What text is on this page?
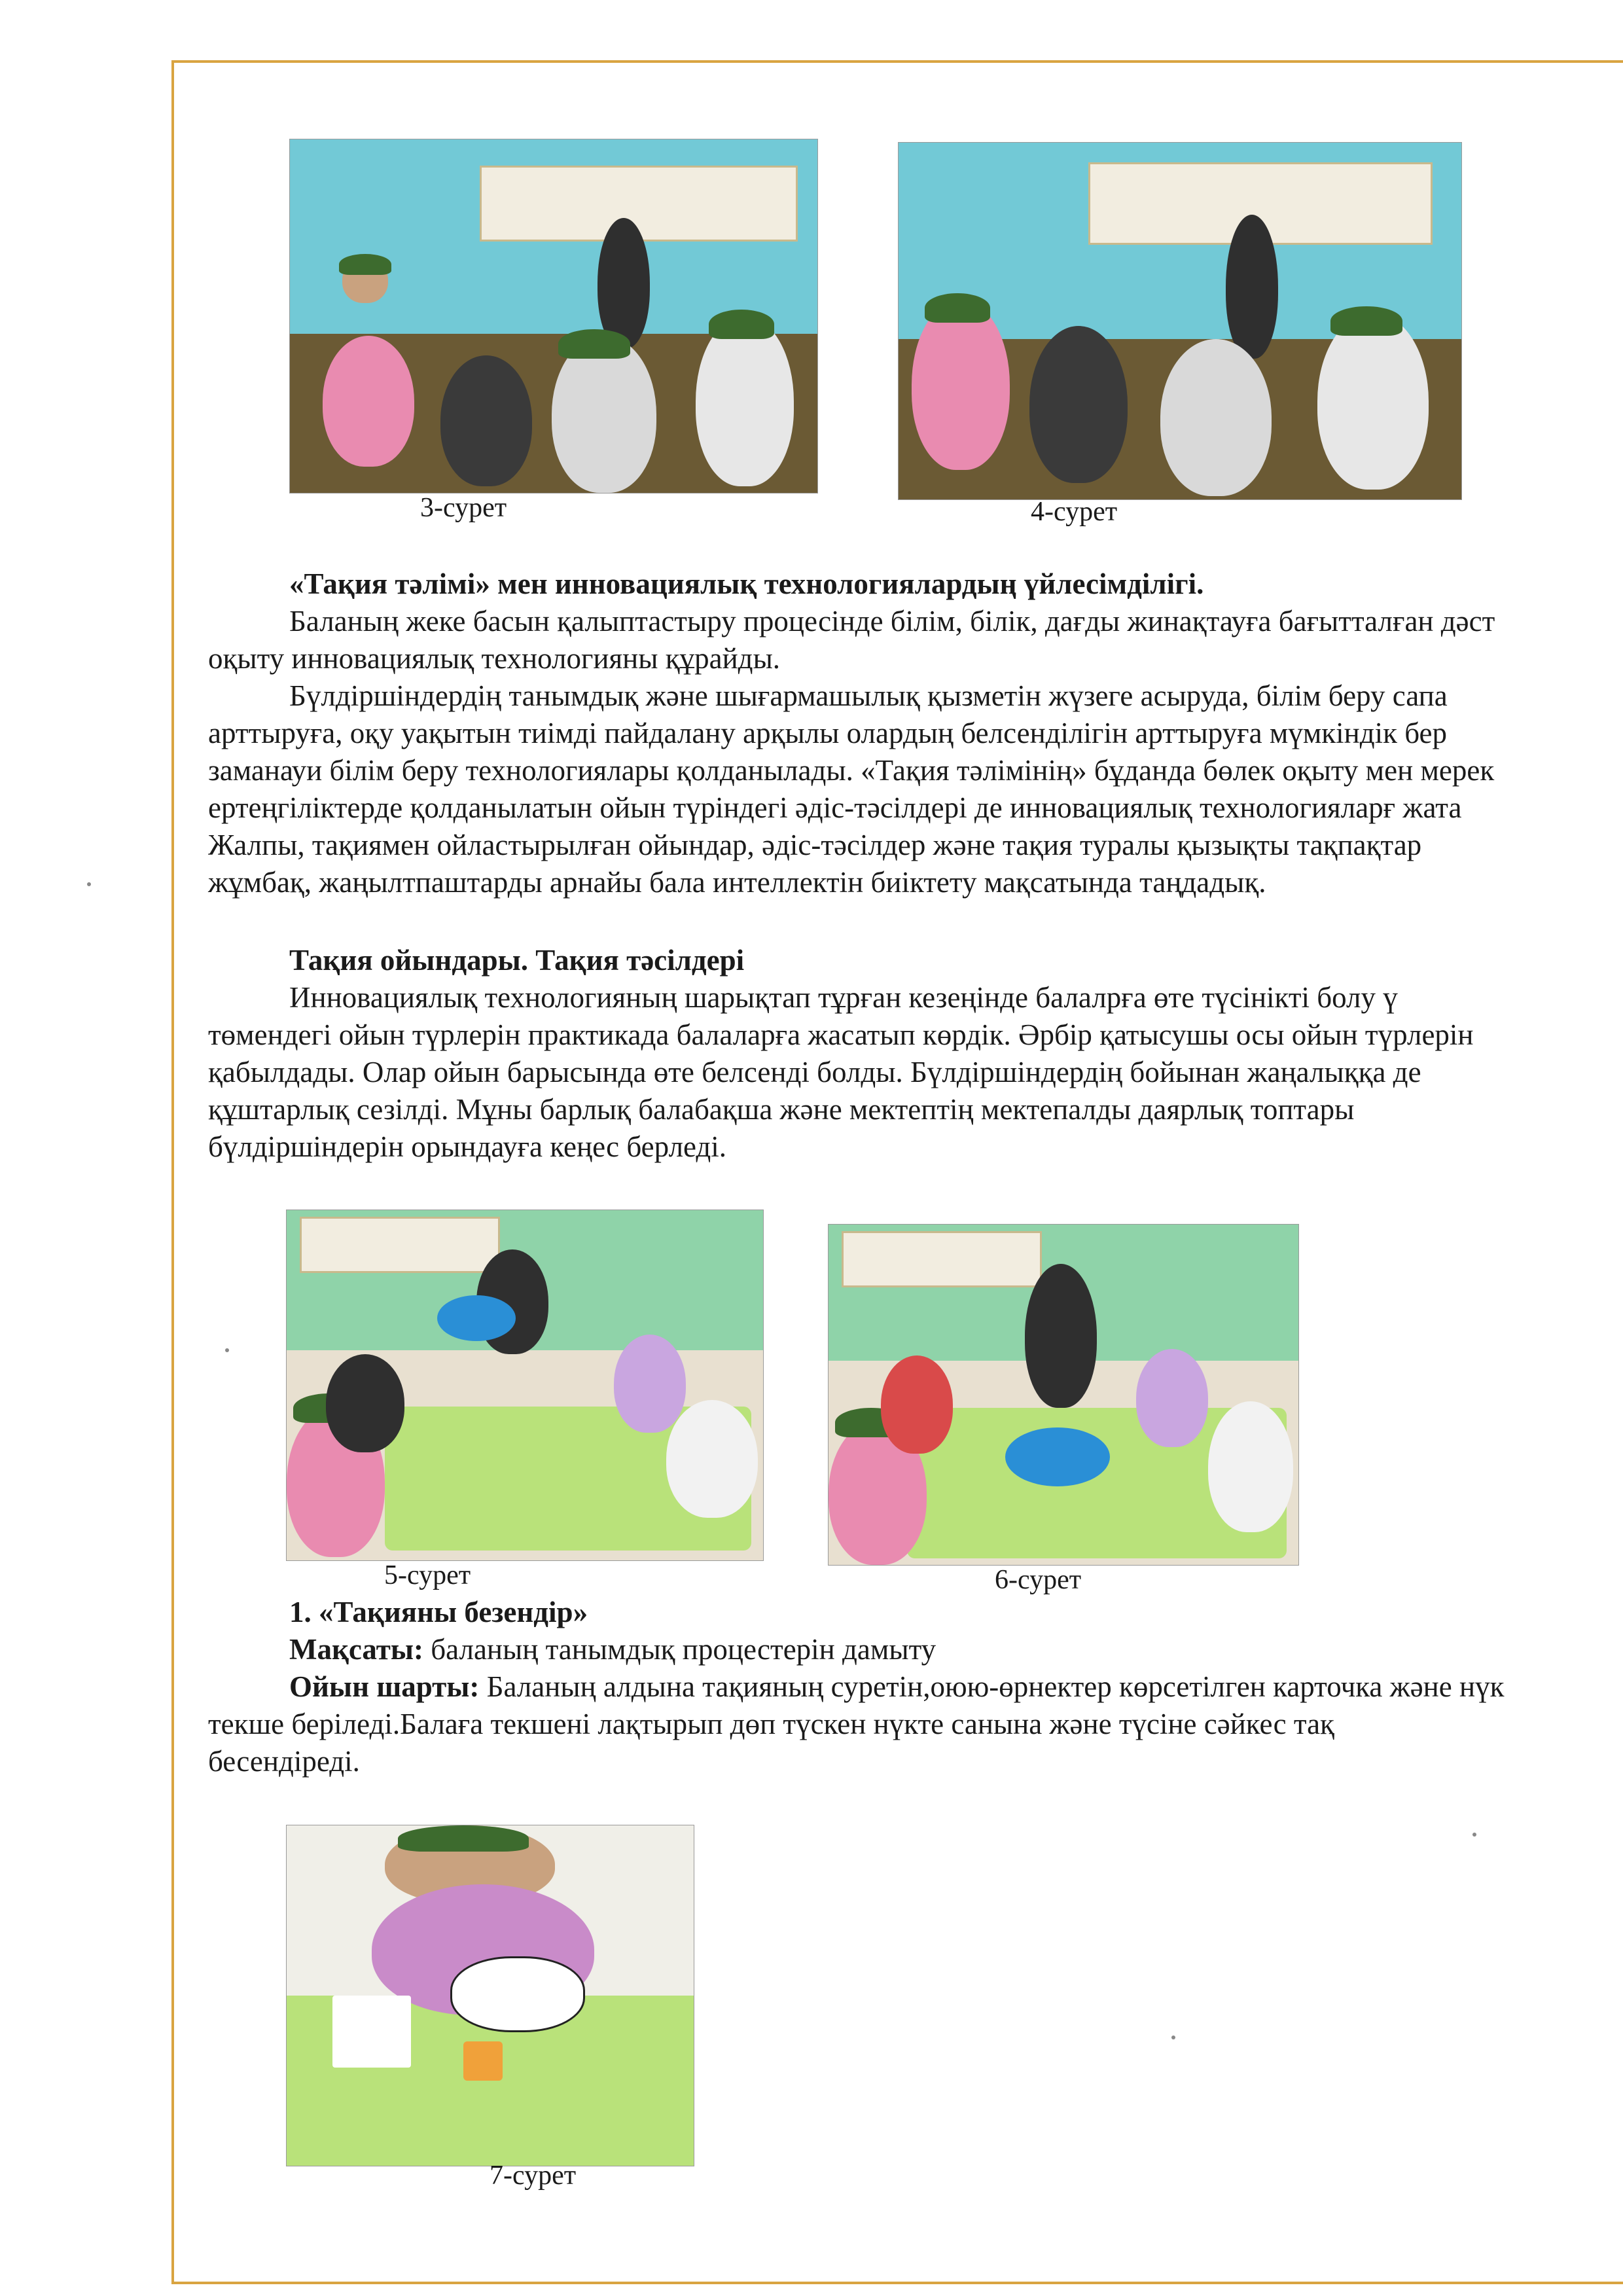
3-сурет	4-сурет
«Тақия тәлімі» мен инновациялық технологиялардың үйлесімділігі.
Баланың жеке басын қалыптастыру процесінде білім, білік, дағды жинақтауға бағытталған дәст
оқыту инновациялық технологияны құрайды.
Бүлдіршіндердің танымдық және шығармашылық қызметін жүзеге асыруда, білім беру сапа
арттыруға, оқу уақытын тиімді пайдалану арқылы олардың белсенділігін арттыруға мүмкіндік бер
заманауи білім беру технологиялары қолданылады. «Тақия тәлімінің» бұданда бөлек оқыту мен мерек
ертеңгіліктерде қолданылатын ойын түріндегі әдіс-тәсілдері де инновациялық технологияларғ жата
Жалпы, тақиямен ойластырылған ойындар, әдіс-тәсілдер және тақия туралы қызықты тақпақтар
жұмбақ, жаңылтпаштарды арнайы бала интеллектін биіктету мақсатында таңдадық.
Тақия ойындары. Тақия тәсілдері
Инновациялық технологияның шарықтап тұрған кезеңінде балалрға өте түсінікті болу ү
төмендегі ойын түрлерін практикада балаларға жасатып көрдік. Әрбір қатысушы осы ойын түрлерін
қабылдады. Олар ойын барысында өте белсенді болды. Бүлдіршіндердің бойынан жаңалыққа де
құштарлық сезілді. Мұны барлық балабақша және мектептің мектепалды даярлық топтары
бүлдіршіндерін орындауға кеңес берледі.
5-сурет	6-сурет
1. «Тақияны безендір»
Мақсаты: баланың танымдық процестерін дамыту
Ойын шарты: Баланың алдына тақияның суретін,оюю-өрнектер көрсетілген карточка және нүк
текше беріледі.Балаға текшені лақтырып дөп түскен нүкте санына және түсіне сәйкес тақ
бесендіреді.
7-сурет
